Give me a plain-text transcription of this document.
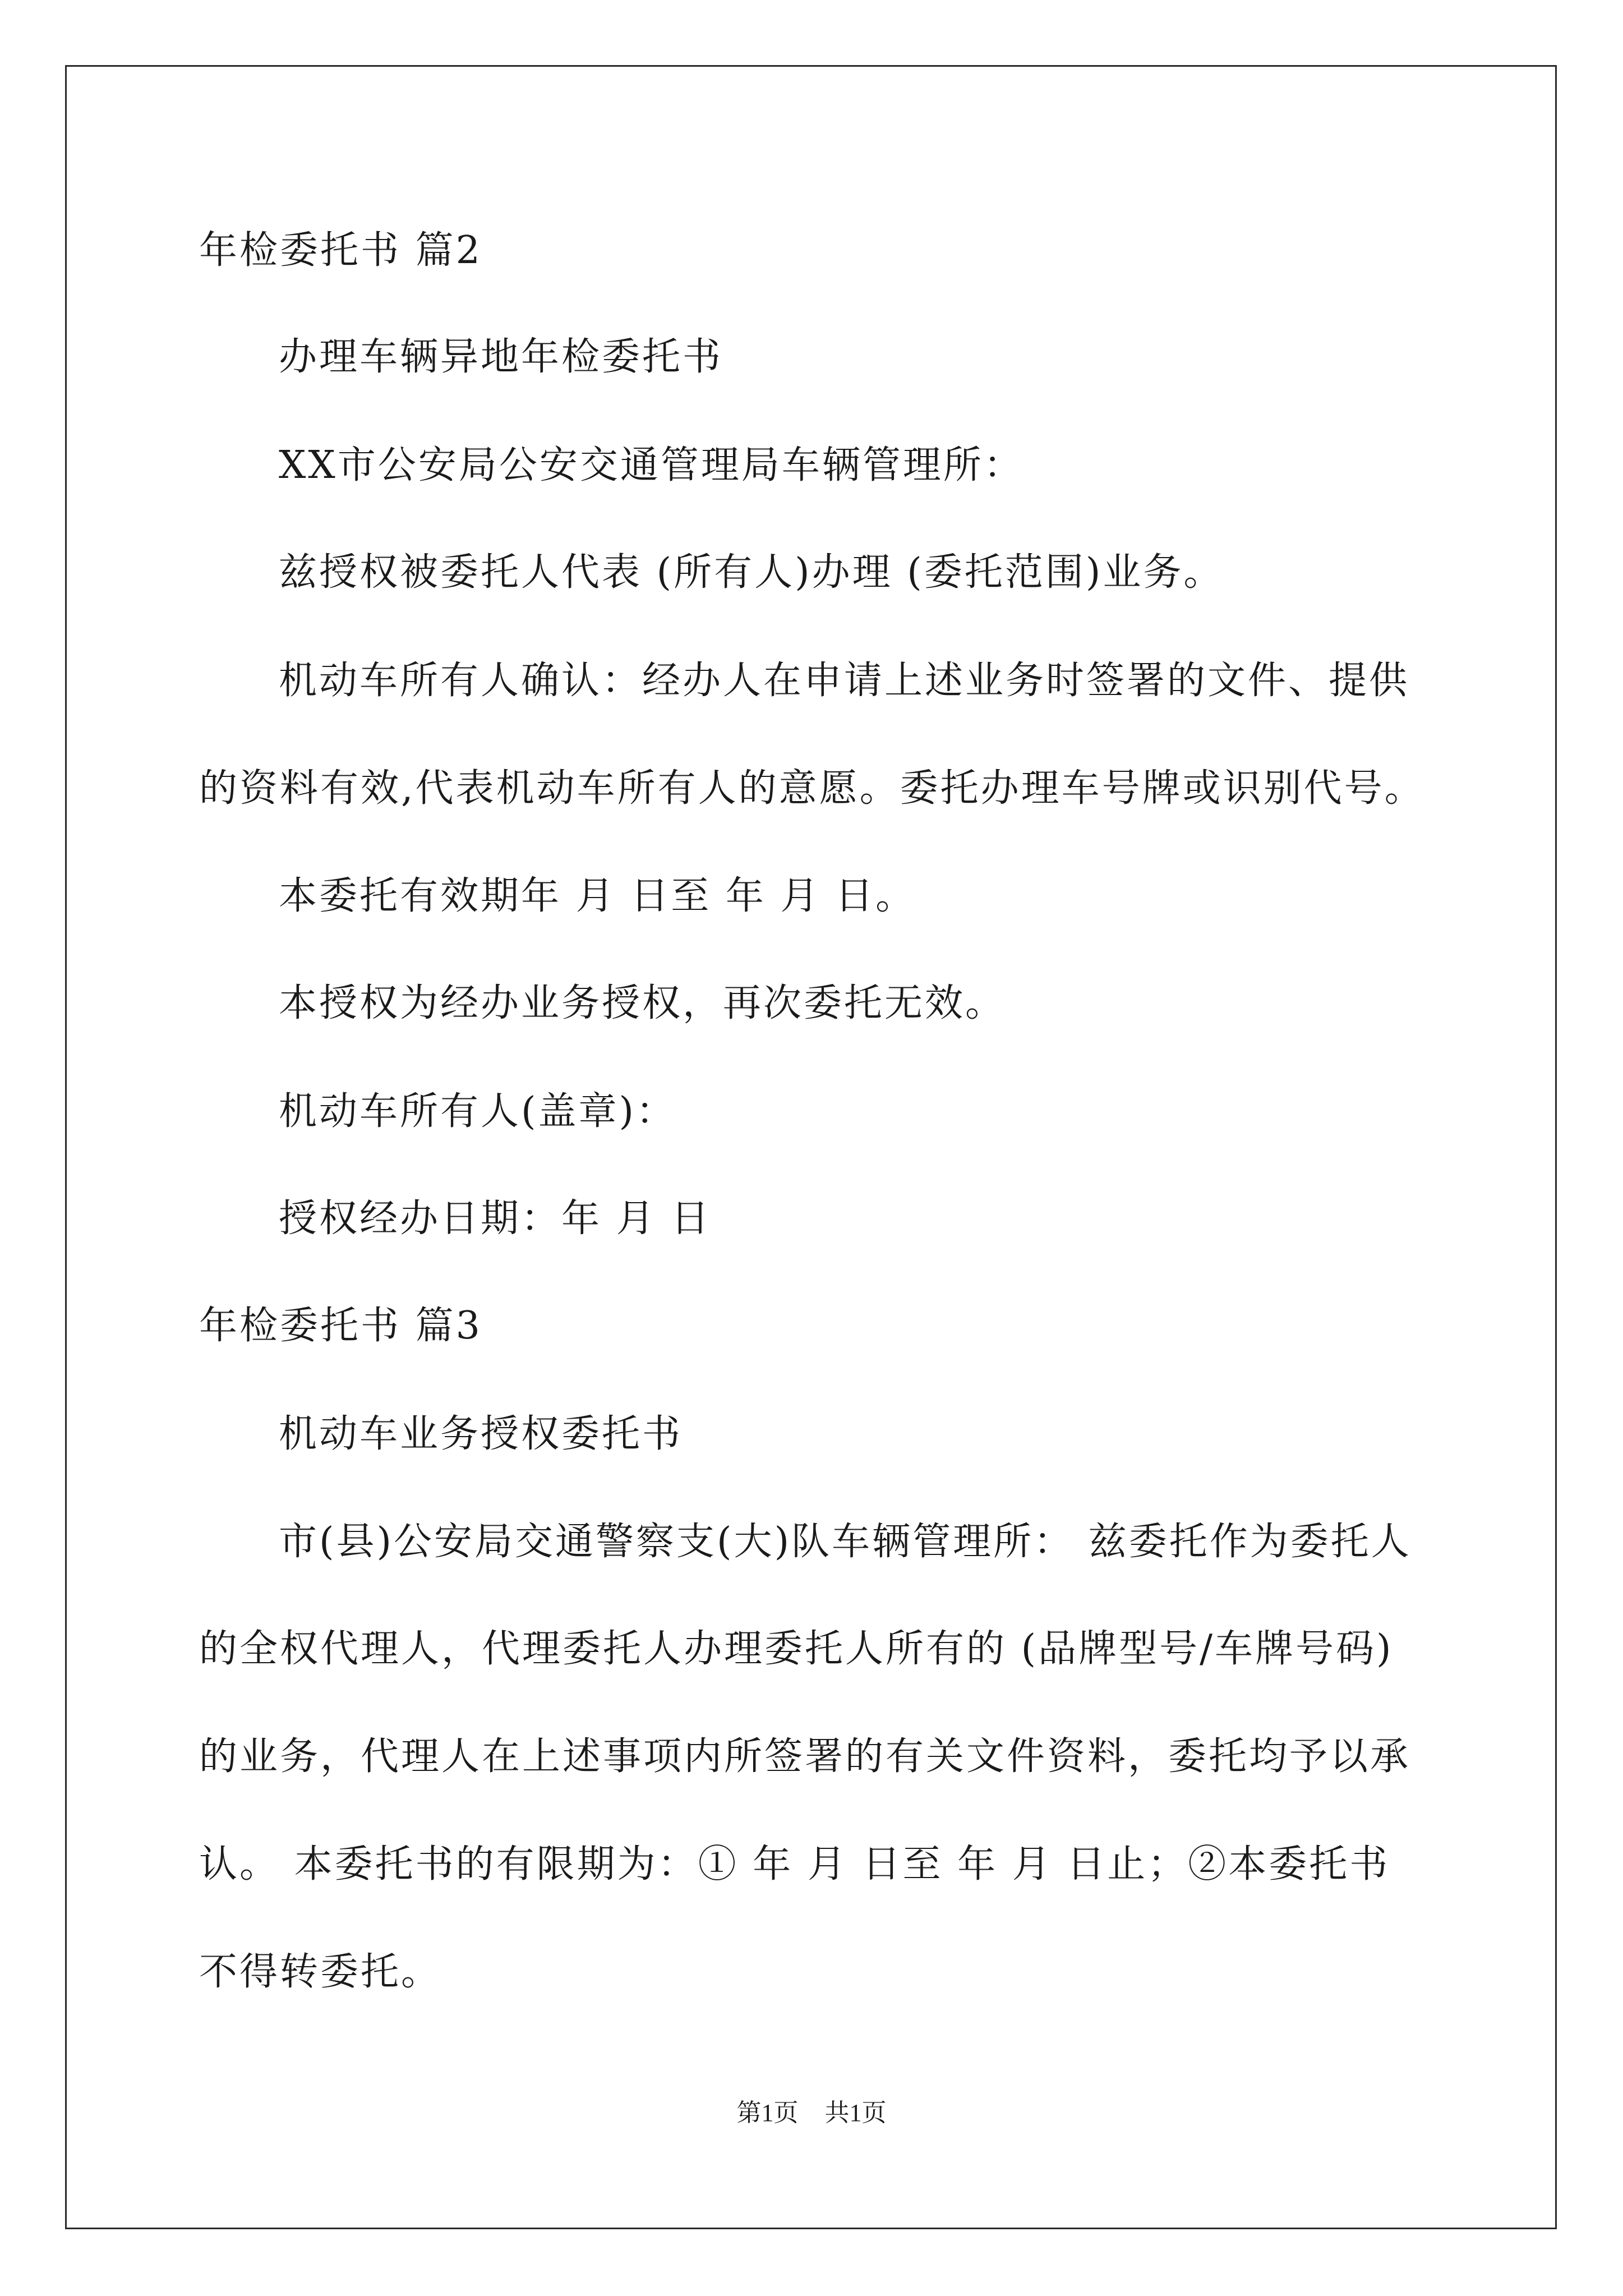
年检委托书 篇2
办理车辆异地年检委托书
XX市公安局公安交通管理局车辆管理所：
兹授权被委托人代表 (所有人)办理 (委托范围)业务。
机动车所有人确认：经办人在申请上述业务时签署的文件、提供
的资料有效,代表机动车所有人的意愿。委托办理车号牌或识别代号。
本委托有效期年 月 日至 年 月 日。
本授权为经办业务授权，再次委托无效。
机动车所有人(盖章)：
授权经办日期：年 月 日
年检委托书 篇3
机动车业务授权委托书
市(县)公安局交通警察支(大)队车辆管理所： 兹委托作为委托人
的全权代理人，代理委托人办理委托人所有的 (品牌型号/车牌号码)
的业务，代理人在上述事项内所签署的有关文件资料，委托均予以承
认。 本委托书的有限期为：① 年 月 日至 年 月 日止；②本委托书
不得转委托。
第1页 共1页
